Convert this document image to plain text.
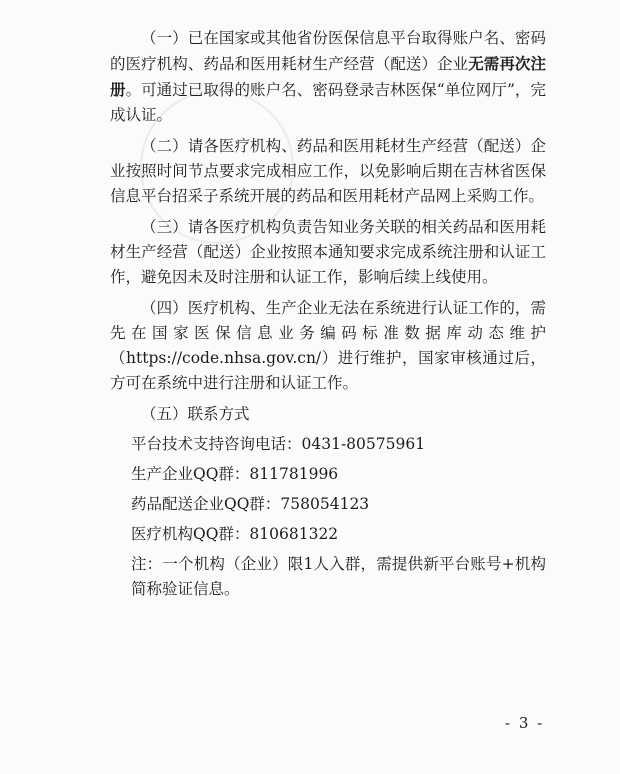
（一）已在国家或其他省份医保信息平台取得账户名、密码的医疗机构、药品和医用耗材生产经营（配送）企业无需再次注册。可通过已取得的账户名、密码登录吉林医保“单位网厅”，完成认证。

（二）请各医疗机构、药品和医用耗材生产经营（配送）企业按照时间节点要求完成相应工作，以免影响后期在吉林省医保信息平台招采子系统开展的药品和医用耗材产品网上采购工作。

（三）请各医疗机构负责告知业务关联的相关药品和医用耗材生产经营（配送）企业按照本通知要求完成系统注册和认证工作，避免因未及时注册和认证工作，影响后续上线使用。

（四）医疗机构、生产企业无法在系统进行认证工作的，需先在国家医保信息业务编码标准数据库动态维护（https://code.nhsa.gov.cn/）进行维护，国家审核通过后，方可在系统中进行注册和认证工作。

（五）联系方式

平台技术支持咨询电话：0431-80575961

生产企业QQ群：811781996

药品配送企业QQ群：758054123

医疗机构QQ群：810681322

注：一个机构（企业）限1人入群，需提供新平台账号+机构简称验证信息。

- 3 -
